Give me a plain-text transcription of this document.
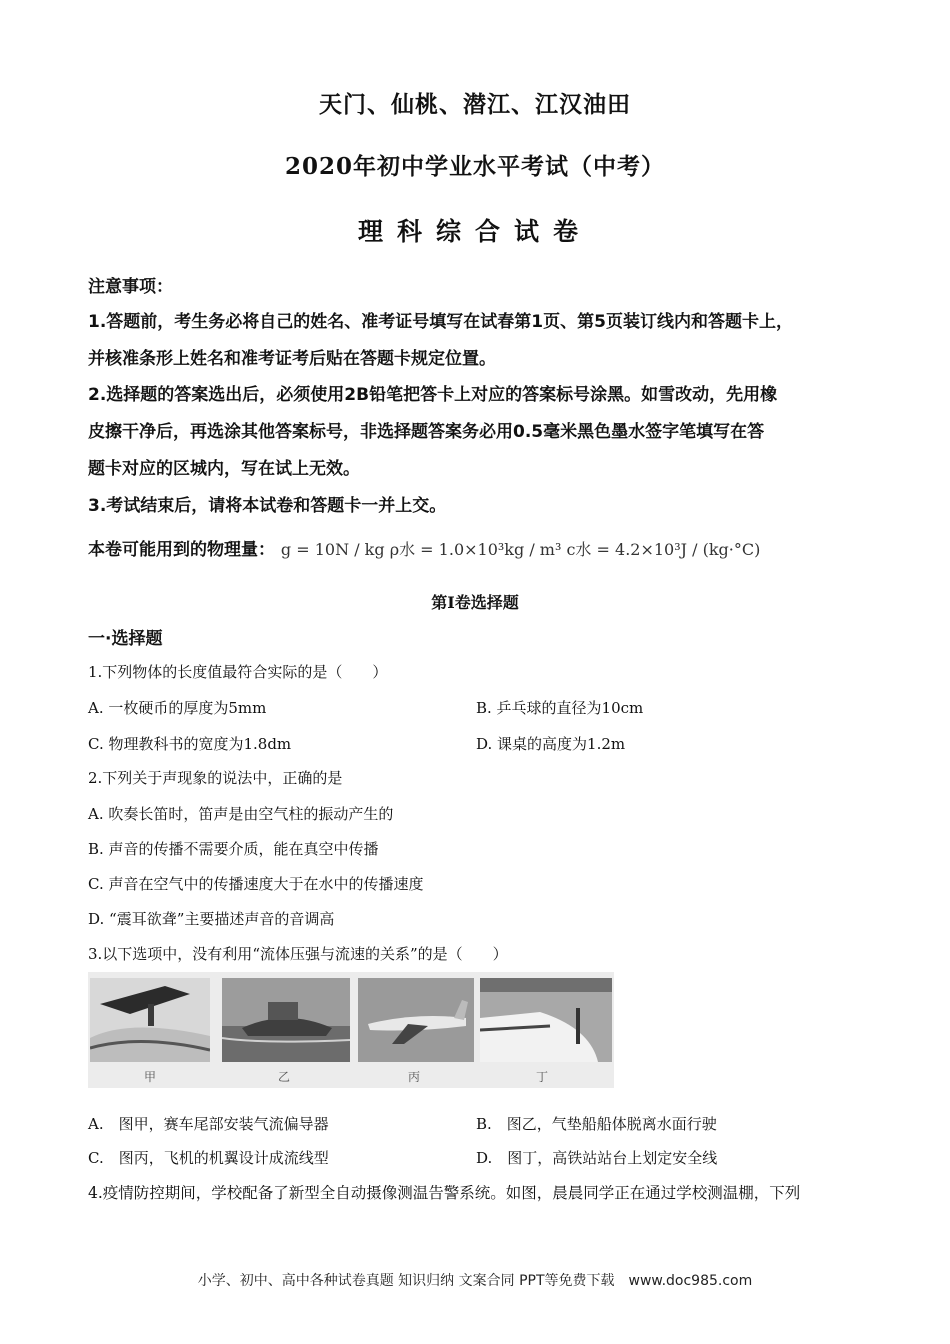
天门、仙桃、潜江、江汉油田
2020年初中学业水平考试（中考）
理科综合试卷
注意事项：
1.答题前，考生务必将自己的姓名、准考证号填写在试春第1页、第5页装订线内和答题卡上，
并核准条形上姓名和准考证考后贴在答题卡规定位置。
2.选择题的答案选出后，必须使用2B铅笔把答卡上对应的答案标号涂黑。如雪改动，先用橡
皮擦干净后，再选涂其他答案标号，非选择题答案务必用0.5毫米黑色墨水签字笔填写在答
题卡对应的区城内，写在试上无效。
3.考试结束后，请将本试卷和答题卡一并上交。
本卷可能用到的物理量： g = 10N / kg ρ水 = 1.0×10³kg / m³ c水 = 4.2×10³J / (kg·°C)
第Ⅰ卷选择题
一·选择题
1.下列物体的长度值最符合实际的是（　　）
A. 一枚硬币的厚度为5mm	B. 乒乓球的直径为10cm
C. 物理教科书的宽度为1.8dm	D. 课桌的高度为1.2m
2.下列关于声现象的说法中，正确的是
A. 吹奏长笛时，笛声是由空气柱的振动产生的
B. 声音的传播不需要介质，能在真空中传播
C. 声音在空气中的传播速度大于在水中的传播速度
D. “震耳欲聋”主要描述声音的音调高
3.以下选项中，没有利用“流体压强与流速的关系”的是（　　）
甲	乙	丙	丁
A.　图甲，赛车尾部安装气流偏导器	B.　图乙，气垫船船体脱离水面行驶
C.　图丙，飞机的机翼设计成流线型	D.　图丁，高铁站站台上划定安全线
4.疫情防控期间，学校配备了新型全自动摄像测温告警系统。如图，晨晨同学正在通过学校测温棚，下列
小学、初中、高中各种试卷真题 知识归纳 文案合同 PPT等免费下载　www.doc985.com
